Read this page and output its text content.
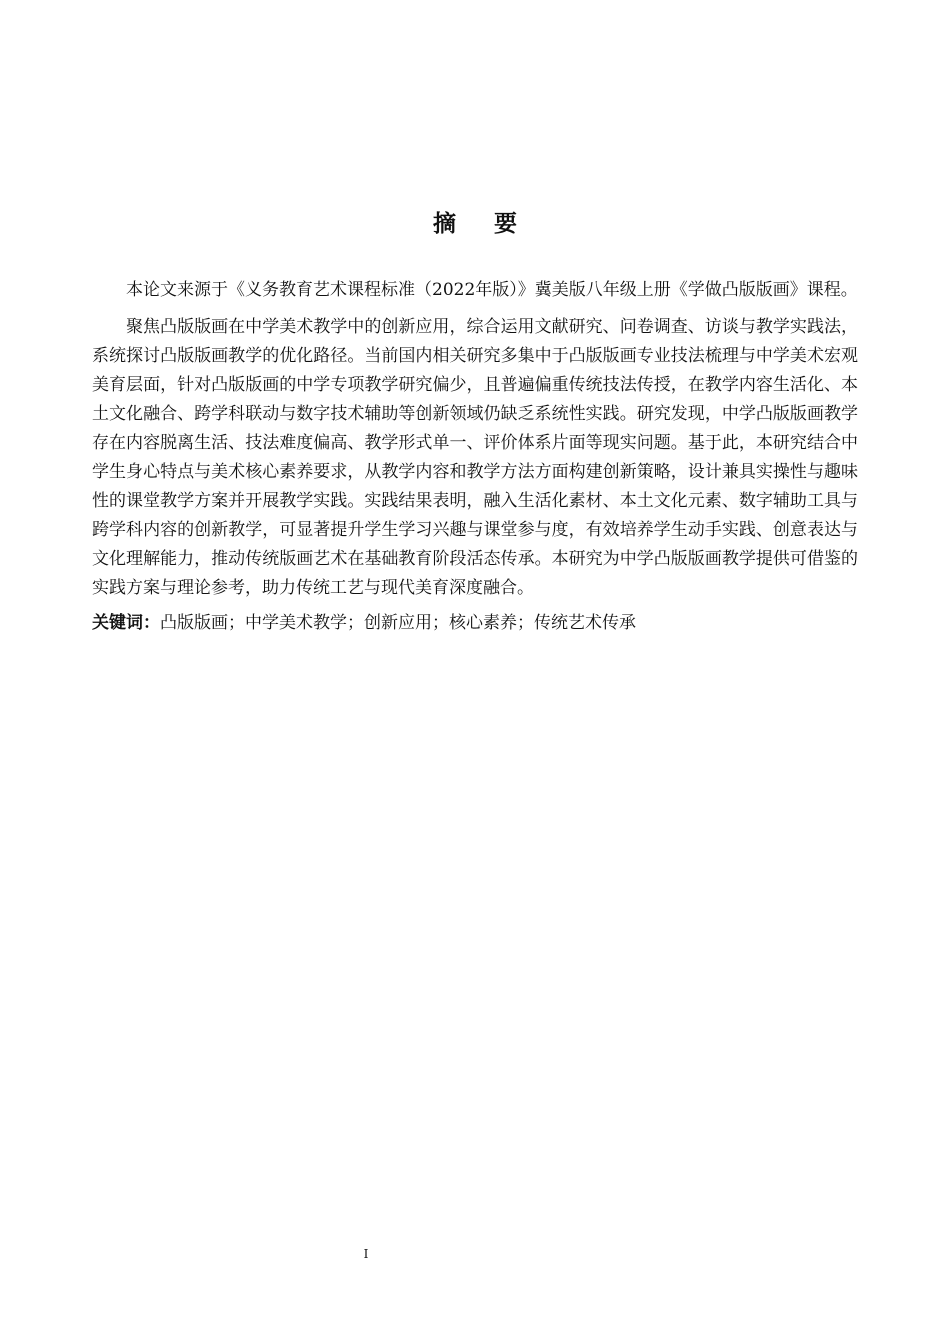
摘要

本论文来源于《义务教育艺术课程标准（2022年版）》冀美版八年级上册《学做凸版版画》课程。

聚焦凸版版画在中学美术教学中的创新应用，综合运用文献研究、问卷调查、访谈与教学实践法，系统探讨凸版版画教学的优化路径。当前国内相关研究多集中于凸版版画专业技法梳理与中学美术宏观美育层面，针对凸版版画的中学专项教学研究偏少，且普遍偏重传统技法传授，在教学内容生活化、本土文化融合、跨学科联动与数字技术辅助等创新领域仍缺乏系统性实践。研究发现，中学凸版版画教学存在内容脱离生活、技法难度偏高、教学形式单一、评价体系片面等现实问题。基于此，本研究结合中学生身心特点与美术核心素养要求，从教学内容和教学方法方面构建创新策略，设计兼具实操性与趣味性的课堂教学方案并开展教学实践。实践结果表明，融入生活化素材、本土文化元素、数字辅助工具与跨学科内容的创新教学，可显著提升学生学习兴趣与课堂参与度，有效培养学生动手实践、创意表达与文化理解能力，推动传统版画艺术在基础教育阶段活态传承。本研究为中学凸版版画教学提供可借鉴的实践方案与理论参考，助力传统工艺与现代美育深度融合。

关键词：凸版版画；中学美术教学；创新应用；核心素养；传统艺术传承

I
